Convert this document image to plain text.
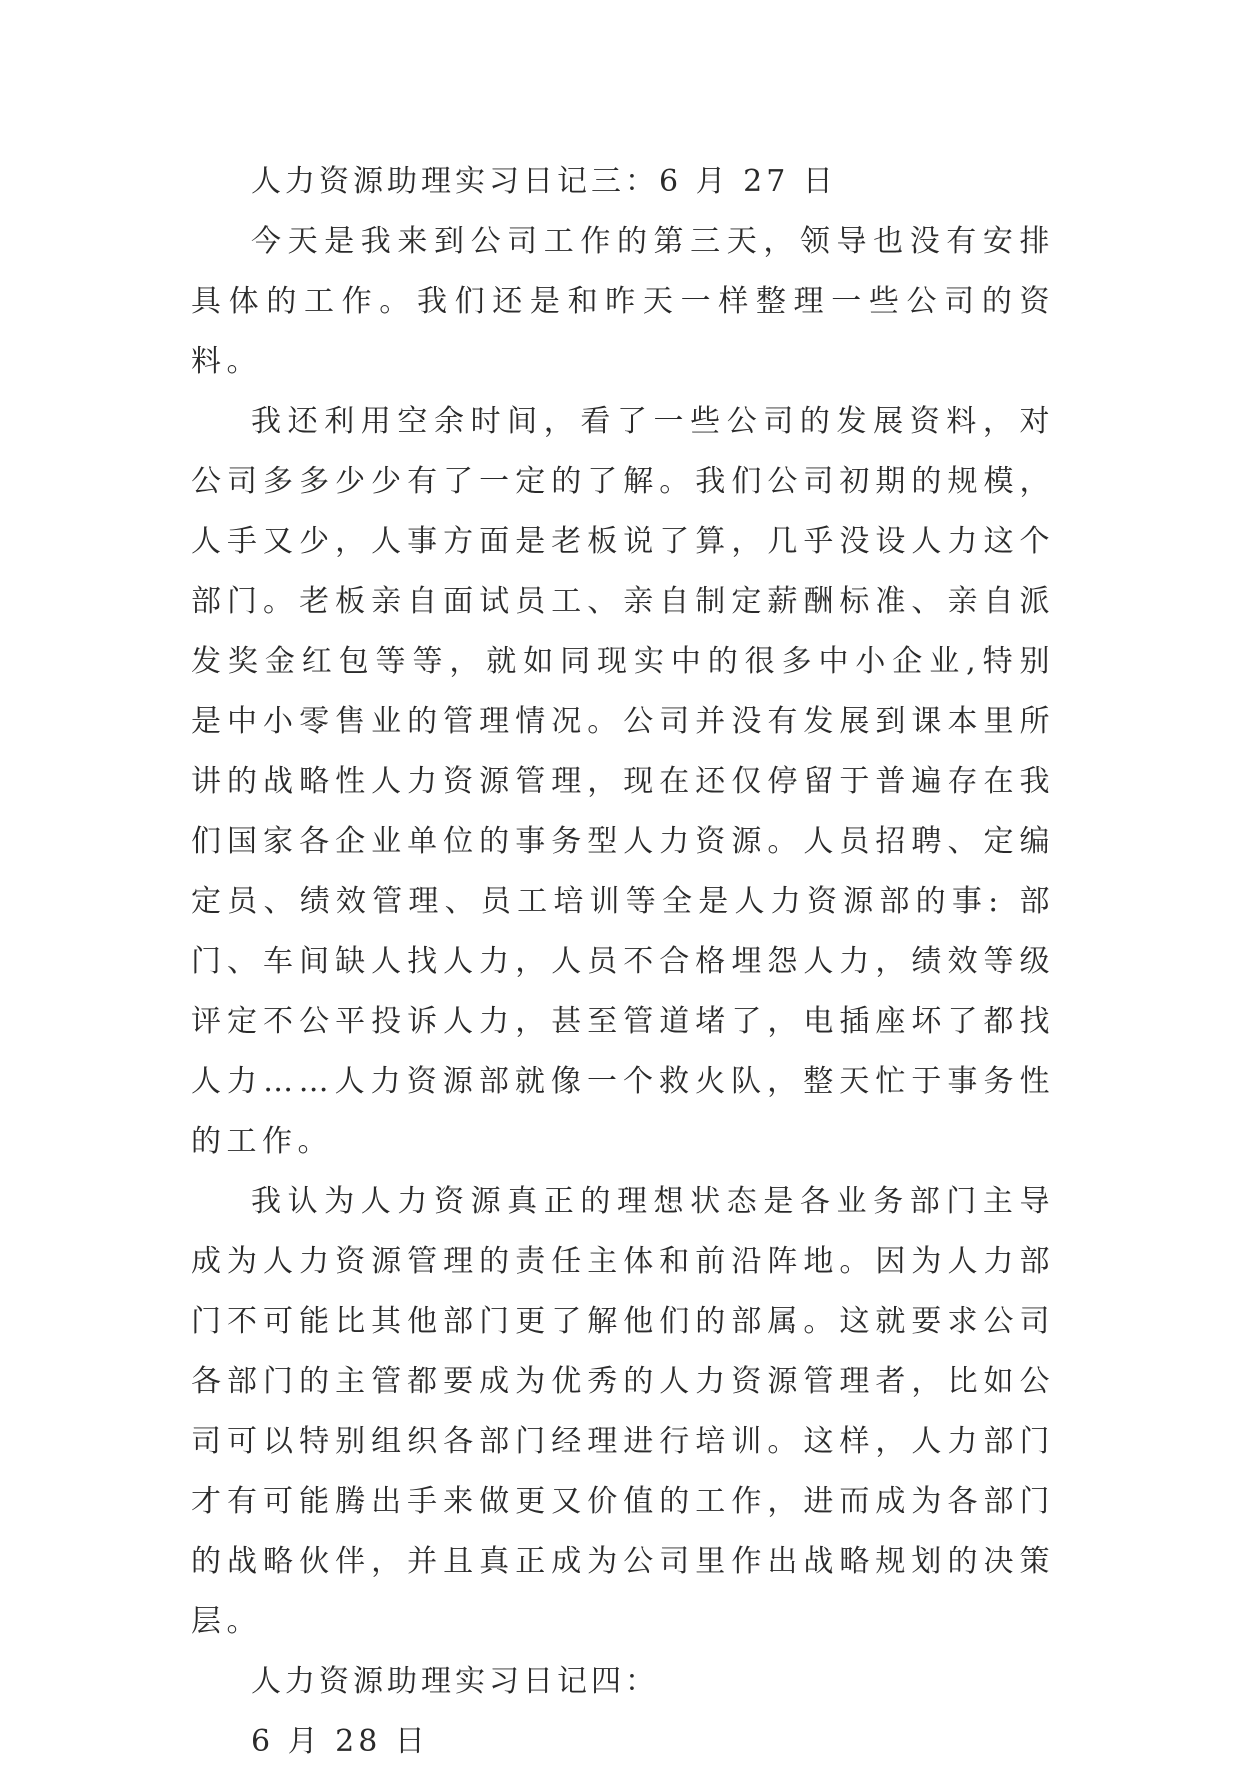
人力资源助理实习日记三：6 月 27 日

今天是我来到公司工作的第三天，领导也没有安排具体的工作。我们还是和昨天一样整理一些公司的资料。

我还利用空余时间，看了一些公司的发展资料，对公司多多少少有了一定的了解。我们公司初期的规模，人手又少，人事方面是老板说了算，几乎没设人力这个部门。老板亲自面试员工、亲自制定薪酬标准、亲自派发奖金红包等等，就如同现实中的很多中小企业,特别是中小零售业的管理情况。公司并没有发展到课本里所讲的战略性人力资源管理，现在还仅停留于普遍存在我们国家各企业单位的事务型人力资源。人员招聘、定编定员、绩效管理、员工培训等全是人力资源部的事: 部门、车间缺人找人力，人员不合格埋怨人力，绩效等级评定不公平投诉人力，甚至管道堵了，电插座坏了都找人力……人力资源部就像一个救火队，整天忙于事务性的工作。

我认为人力资源真正的理想状态是各业务部门主导成为人力资源管理的责任主体和前沿阵地。因为人力部门不可能比其他部门更了解他们的部属。这就要求公司各部门的主管都要成为优秀的人力资源管理者，比如公司可以特别组织各部门经理进行培训。这样，人力部门才有可能腾出手来做更又价值的工作，进而成为各部门的战略伙伴，并且真正成为公司里作出战略规划的决策层。

人力资源助理实习日记四：

6 月 28 日
